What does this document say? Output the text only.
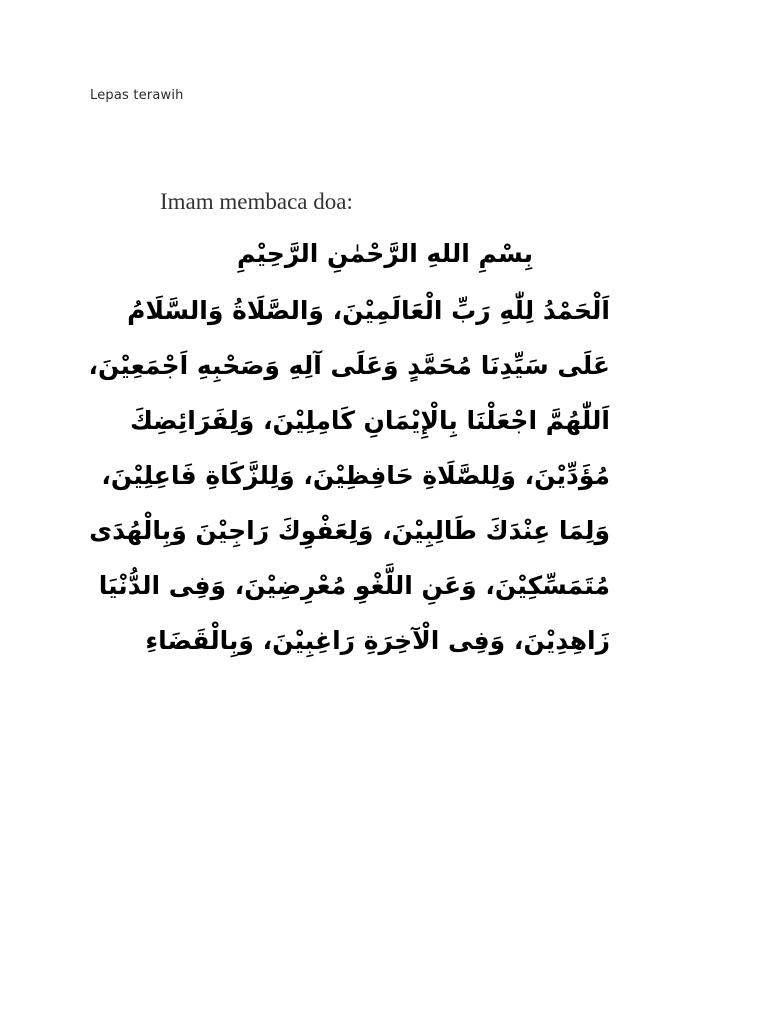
Lepas terawih

Imam membaca doa:

بِسْمِ اللهِ الرَّحْمٰنِ الرَّحِيْمِ
اَلْحَمْدُ لِلّٰهِ رَبِّ الْعَالَمِيْنَ، وَالصَّلَاةُ وَالسَّلَامُ
عَلَى سَيِّدِنَا مُحَمَّدٍ وَعَلَى آلِهِ وَصَحْبِهِ اَجْمَعِيْنَ،
اَللّٰهُمَّ اجْعَلْنَا بِالْإِيْمَانِ كَامِلِيْنَ، وَلِفَرَائِضِكَ
مُؤَدِّيْنَ، وَلِلصَّلَاةِ حَافِظِيْنَ، وَلِلزَّكَاةِ فَاعِلِيْنَ،
وَلِمَا عِنْدَكَ طَالِبِيْنَ، وَلِعَفْوِكَ رَاجِيْنَ وَبِالْهُدَى
مُتَمَسِّكِيْنَ، وَعَنِ اللَّغْوِ مُعْرِضِيْنَ، وَفِى الدُّنْيَا
زَاهِدِيْنَ، وَفِى الْآخِرَةِ رَاغِبِيْنَ، وَبِالْقَضَاءِ
